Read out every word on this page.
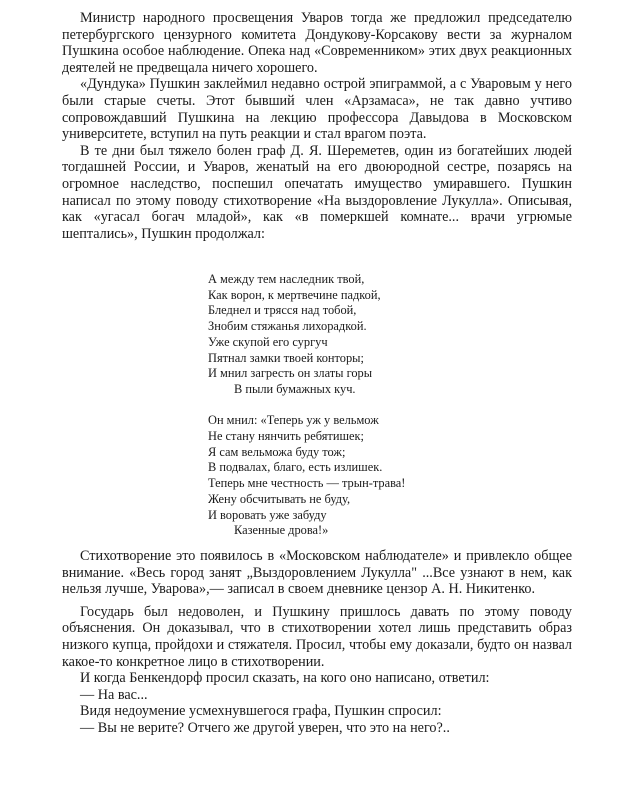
Министр народного просвещения Уваров тогда же предложил председателю петербургского цензурного комитета Дондукову-Корсакову вести за журналом Пушкина особое наблюдение. Опека над «Современником» этих двух реакционных деятелей не предвещала ничего хорошего.

«Дундука» Пушкин заклеймил недавно острой эпиграммой, а с Уваровым у него были старые счеты. Этот бывший член «Арзамаса», не так давно учтиво сопровождавший Пушкина на лекцию профессора Давыдова в Московском университете, вступил на путь реакции и стал врагом поэта.

В те дни был тяжело болен граф Д. Я. Шереметев, один из богатейших людей тогдашней России, и Уваров, женатый на его двоюродной сестре, позарясь на огромное наследство, поспешил опечатать имущество умиравшего. Пушкин написал по этому поводу стихотворение «На выздоровление Лукулла». Описывая, как «угасал богач младой», как «в померкшей комнате... врачи угрюмые шептались», Пушкин продолжал:

А между тем наследник твой,
Как ворон, к мертвечине падкой,
Бледнел и трясся над тобой,
Знобим стяжанья лихорадкой.
Уже скупой его сургуч
Пятнал замки твоей конторы;
И мнил загресть он златы горы
В пыли бумажных куч.
Он мнил: «Теперь уж у вельмож
Не стану нянчить ребятишек;
Я сам вельможа буду тож;
В подвалах, благо, есть излишек.
Теперь мне честность — трын-трава!
Жену обсчитывать не буду,
И воровать уже забуду
Казенные дрова!»

Стихотворение это появилось в «Московском наблюдателе» и привлекло общее внимание. «Весь город занят „Выздоровлением Лукулла" ...Все узнают в нем, как нельзя лучше, Уварова»,— записал в своем дневнике цензор А. Н. Никитенко.

Государь был недоволен, и Пушкину пришлось давать по этому поводу объяснения. Он доказывал, что в стихотворении хотел лишь представить образ низкого купца, пройдохи и стяжателя. Просил, чтобы ему доказали, будто он назвал какое-то конкретное лицо в стихотворении.

И когда Бенкендорф просил сказать, на кого оно написано, ответил:

— На вас...

Видя недоумение усмехнувшегося графа, Пушкин спросил:

— Вы не верите? Отчего же другой уверен, что это на него?..
